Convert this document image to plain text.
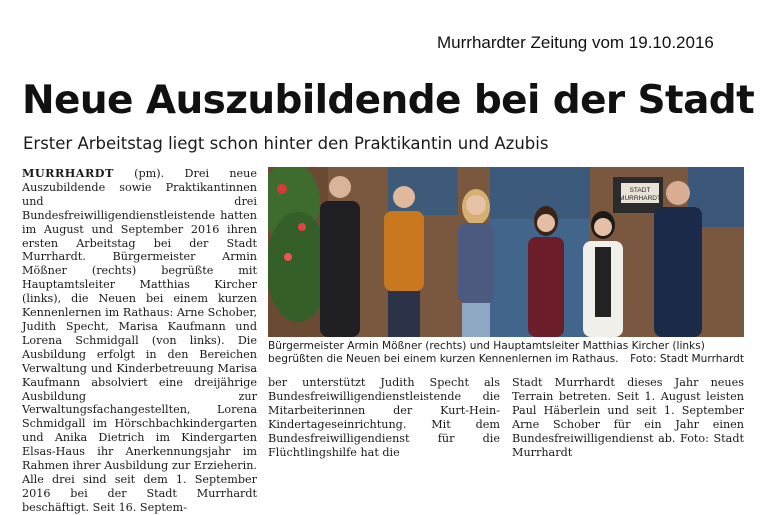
Murrhardter Zeitung vom 19.10.2016
Neue Auszubildende bei der Stadt
Erster Arbeitstag liegt schon hinter den Praktikantin und Azubis
MURRHARDT (pm). Drei neue Auszubildende sowie Praktikantinnen und drei Bundesfreiwilligendienstleistende hatten im August und September 2016 ihren ersten Arbeitstag bei der Stadt Murrhardt. Bürgermeister Armin Mößner (rechts) begrüßte mit Hauptamtsleiter Matthias Kircher (links), die Neuen bei einem kurzen Kennenlernen im Rathaus: Arne Schober, Judith Specht, Marisa Kaufmann und Lorena Schmidgall (von links). Die Ausbildung erfolgt in den Bereichen Verwaltung und Kinderbetreuung Marisa Kaufmann absolviert eine dreijährige Ausbildung zur Verwaltungsfachangestellten, Lorena Schmidgall im Hörschbachkindergarten und Anika Dietrich im Kindergarten Elsas-Haus ihr Anerkennungsjahr im Rahmen ihrer Ausbildung zur Erzieherin. Alle drei sind seit dem 1. September 2016 bei der Stadt Murrhardt beschäftigt. Seit 16. Septem-
STADT
MURRHARDT
Bürgermeister Armin Mößner (rechts) und Hauptamtsleiter Matthias Kircher (links) begrüßten die Neuen bei einem kurzen Kennenlernen im Rathaus. Foto: Stadt Murrhardt
ber unterstützt Judith Specht als Bundesfreiwilligendienstleistende die Mitarbeiterinnen der Kurt-Hein-Kindertageseinrichtung. Mit dem Bundesfreiwilligendienst für die Flüchtlingshilfe hat die
Stadt Murrhardt dieses Jahr neues Terrain betreten. Seit 1. August leisten Paul Häberlein und seit 1. September Arne Schober für ein Jahr einen Bundesfreiwilligendienst ab. Foto: Stadt Murrhardt
